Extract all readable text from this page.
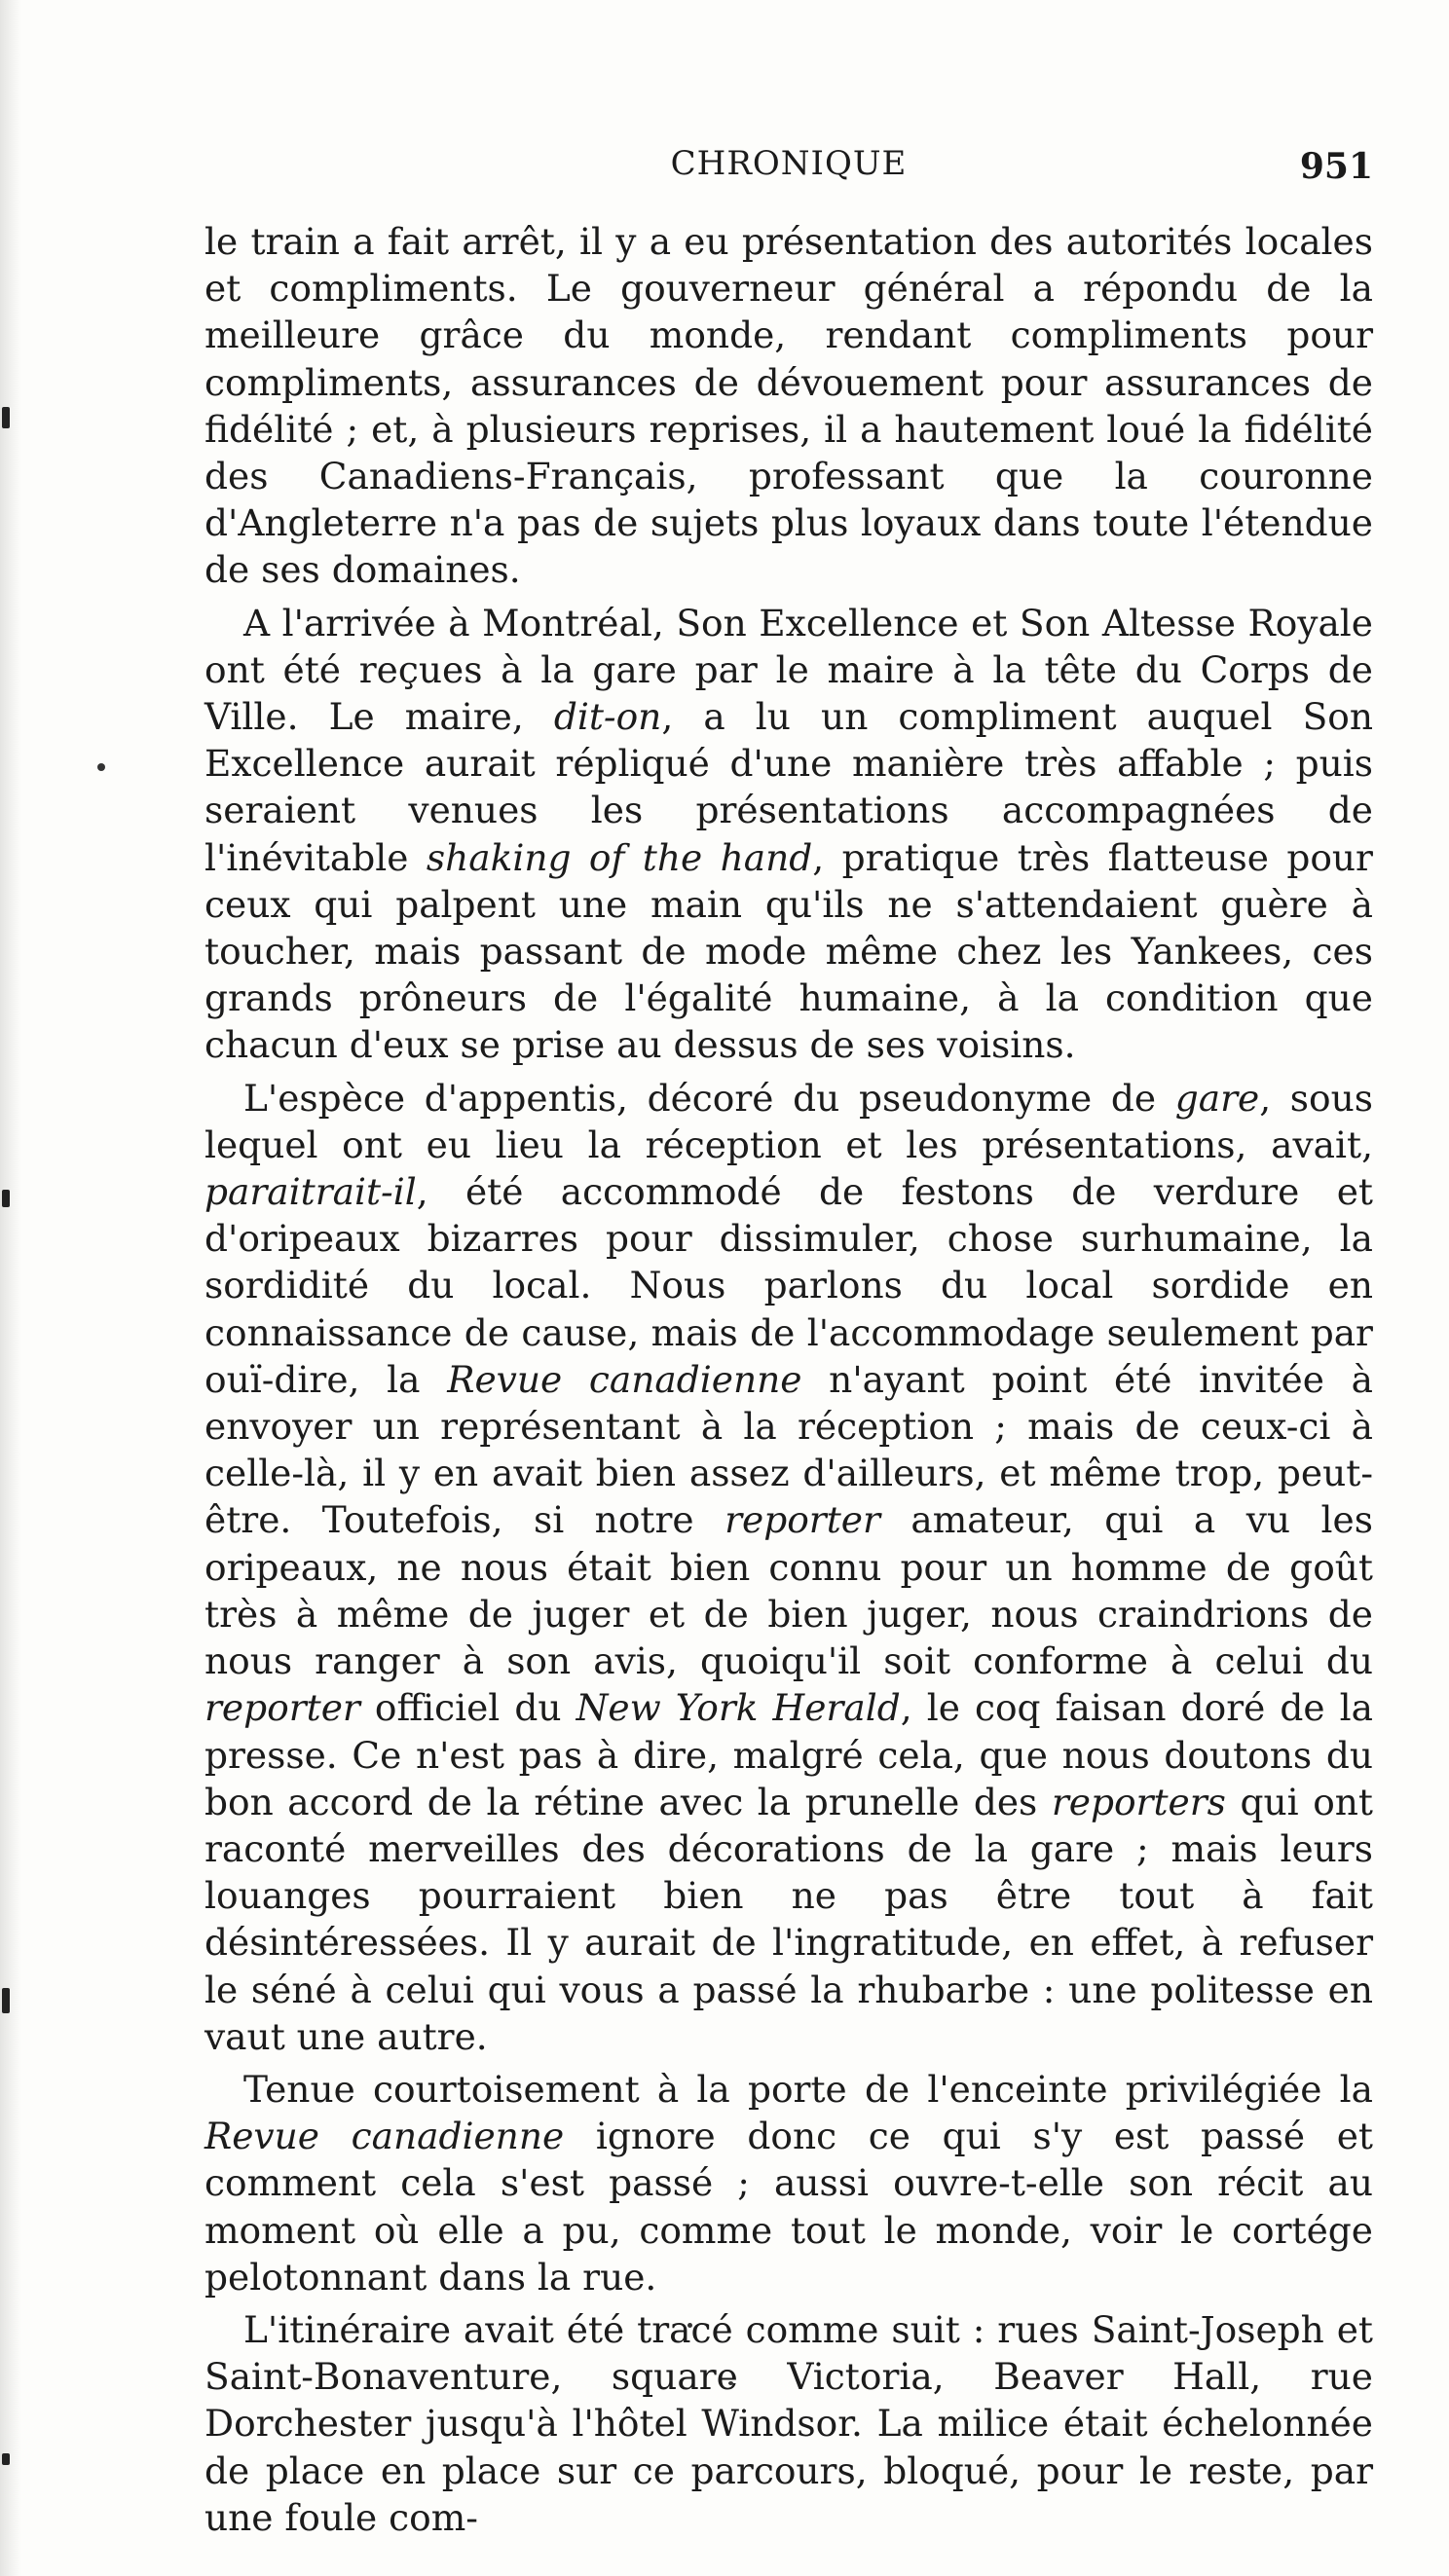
CHRONIQUE	951

le train a fait arrêt, il y a eu présentation des autorités locales et compliments. Le gouverneur général a répondu de la meilleure grâce du monde, rendant compliments pour compliments, assurances de dévouement pour assurances de fidélité ; et, à plusieurs reprises, il a hautement loué la fidélité des Canadiens-Français, professant que la couronne d'Angleterre n'a pas de sujets plus loyaux dans toute l'étendue de ses domaines.

A l'arrivée à Montréal, Son Excellence et Son Altesse Royale ont été reçues à la gare par le maire à la tête du Corps de Ville. Le maire, dit-on, a lu un compliment auquel Son Excellence aurait répliqué d'une manière très affable ; puis seraient venues les présentations accompagnées de l'inévitable shaking of the hand, pratique très flatteuse pour ceux qui palpent une main qu'ils ne s'attendaient guère à toucher, mais passant de mode même chez les Yankees, ces grands prôneurs de l'égalité humaine, à la condition que chacun d'eux se prise au dessus de ses voisins.

L'espèce d'appentis, décoré du pseudonyme de gare, sous lequel ont eu lieu la réception et les présentations, avait, paraitrait-il, été accommodé de festons de verdure et d'oripeaux bizarres pour dissimuler, chose surhumaine, la sordidité du local. Nous parlons du local sordide en connaissance de cause, mais de l'accommodage seulement par ouï-dire, la Revue canadienne n'ayant point été invitée à envoyer un représentant à la réception ; mais de ceux-ci à celle-là, il y en avait bien assez d'ailleurs, et même trop, peut-être. Toutefois, si notre reporter amateur, qui a vu les oripeaux, ne nous était bien connu pour un homme de goût très à même de juger et de bien juger, nous craindrions de nous ranger à son avis, quoiqu'il soit conforme à celui du reporter officiel du New York Herald, le coq faisan doré de la presse. Ce n'est pas à dire, malgré cela, que nous doutons du bon accord de la rétine avec la prunelle des reporters qui ont raconté merveilles des décorations de la gare ; mais leurs louanges pourraient bien ne pas être tout à fait désintéressées. Il y aurait de l'ingratitude, en effet, à refuser le séné à celui qui vous a passé la rhubarbe : une politesse en vaut une autre.

Tenue courtoisement à la porte de l'enceinte privilégiée la Revue canadienne ignore donc ce qui s'y est passé et comment cela s'est passé ; aussi ouvre-t-elle son récit au moment où elle a pu, comme tout le monde, voir le cortége pelotonnant dans la rue.

L'itinéraire avait été tracé comme suit : rues Saint-Joseph et Saint-Bonaventure, square Victoria, Beaver Hall, rue Dorchester jusqu'à l'hôtel Windsor. La milice était échelonnée de place en place sur ce parcours, bloqué, pour le reste, par une foule com-
